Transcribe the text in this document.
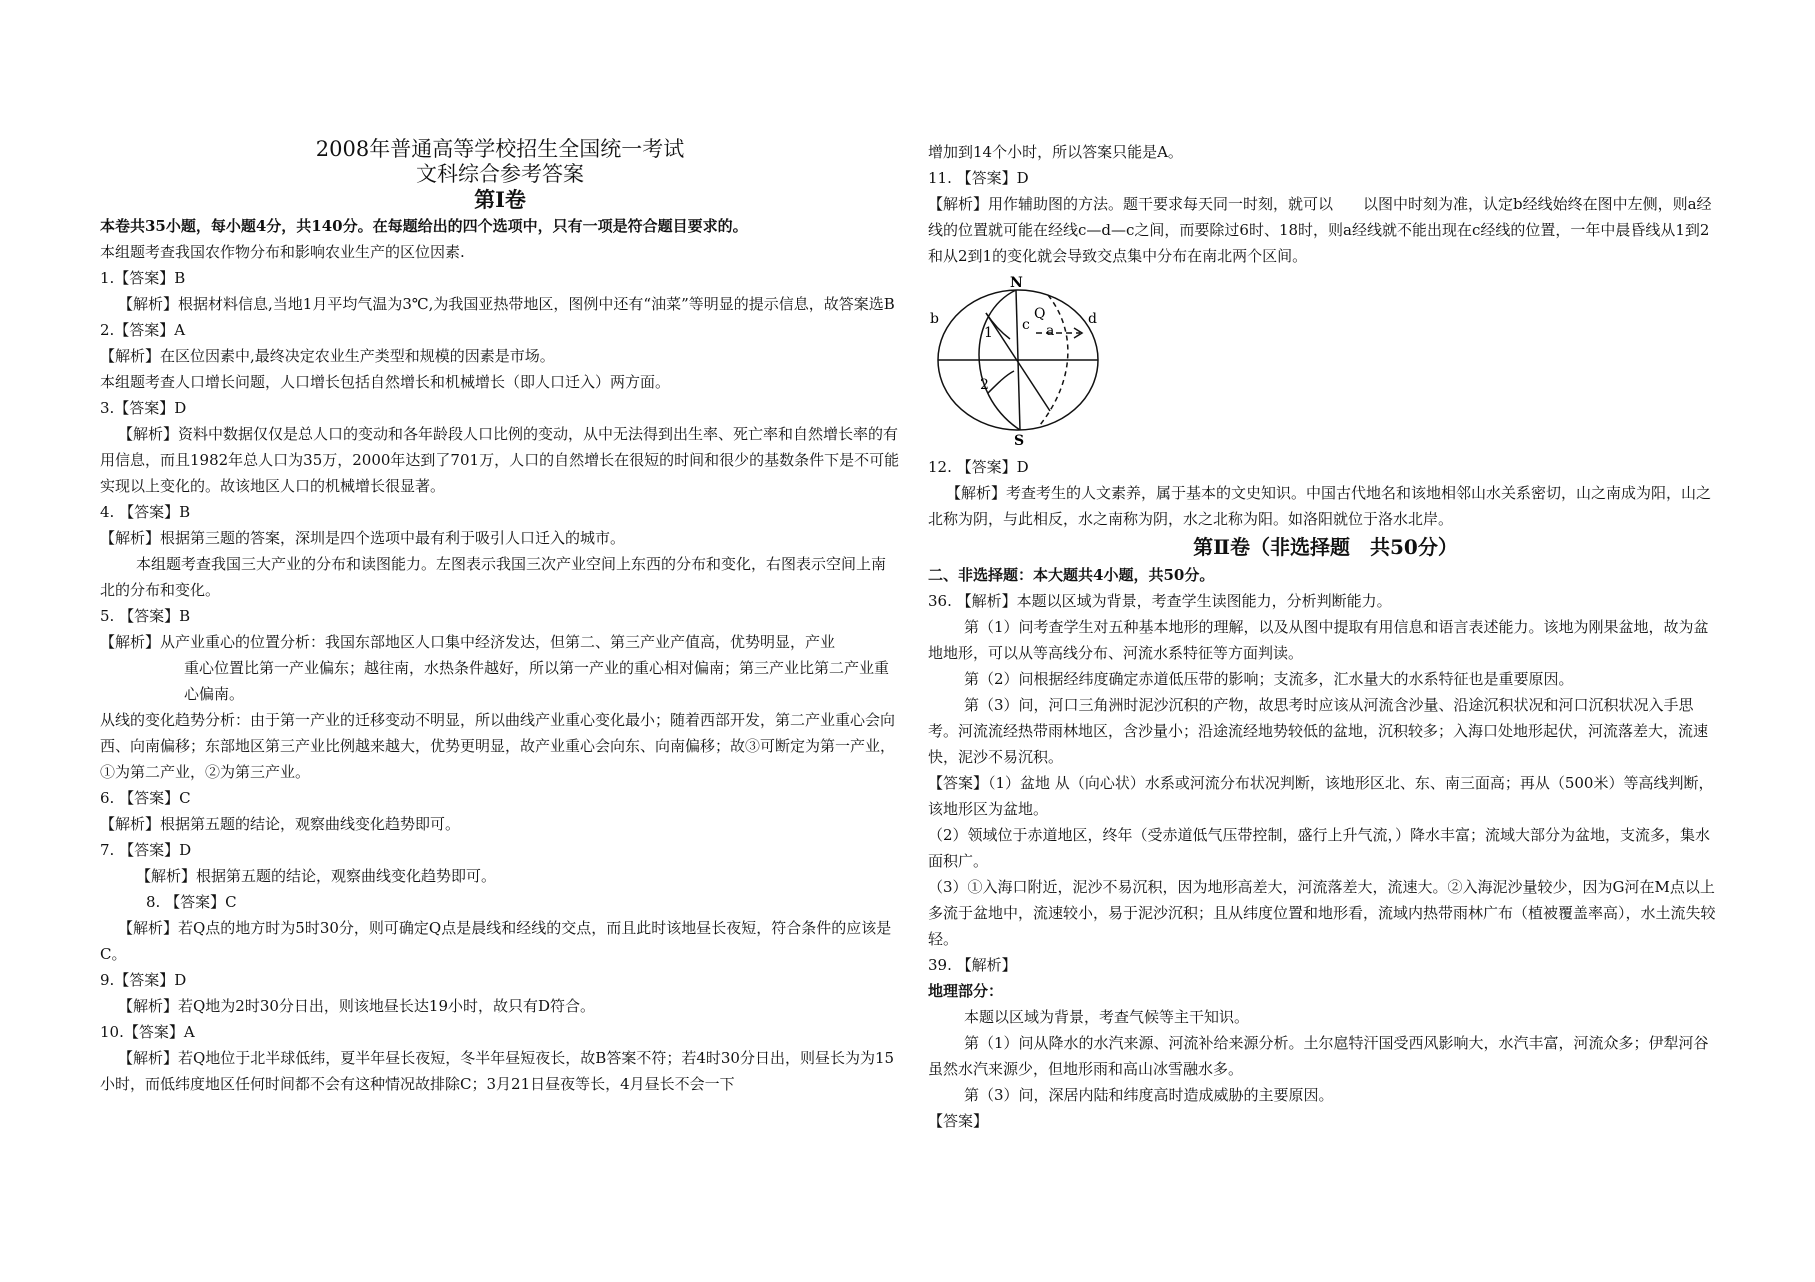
2008年普通高等学校招生全国统一考试

文科综合参考答案

第Ⅰ卷

本卷共35小题，每小题4分，共140分。在每题给出的四个选项中，只有一项是符合题目要求的。

本组题考查我国农作物分布和影响农业生产的区位因素.

1.【答案】B

【解析】根据材料信息,当地1月平均气温为3℃,为我国亚热带地区，图例中还有“油菜”等明显的提示信息，故答案选B

2.【答案】A

【解析】在区位因素中,最终决定农业生产类型和规模的因素是市场。

本组题考查人口增长问题，人口增长包括自然增长和机械增长（即人口迁入）两方面。

3.【答案】D

【解析】资料中数据仅仅是总人口的变动和各年龄段人口比例的变动，从中无法得到出生率、死亡率和自然增长率的有用信息，而且1982年总人口为35万，2000年达到了701万，人口的自然增长在很短的时间和很少的基数条件下是不可能实现以上变化的。故该地区人口的机械增长很显著。

4. 【答案】B

【解析】根据第三题的答案，深圳是四个选项中最有利于吸引人口迁入的城市。

本组题考查我国三大产业的分布和读图能力。左图表示我国三次产业空间上东西的分布和变化，右图表示空间上南北的分布和变化。

5. 【答案】B

【解析】从产业重心的位置分析：我国东部地区人口集中经济发达，但第二、第三产业产值高，优势明显，产业

重心位置比第一产业偏东；越往南，水热条件越好，所以第一产业的重心相对偏南；第三产业比第二产业重心偏南。

从线的变化趋势分析：由于第一产业的迁移变动不明显，所以曲线产业重心变化最小；随着西部开发，第二产业重心会向西、向南偏移；东部地区第三产业比例越来越大，优势更明显，故产业重心会向东、向南偏移；故③可断定为第一产业，①为第二产业，②为第三产业。

6. 【答案】C

【解析】根据第五题的结论，观察曲线变化趋势即可。

7. 【答案】D

【解析】根据第五题的结论，观察曲线变化趋势即可。

8. 【答案】C

【解析】若Q点的地方时为5时30分，则可确定Q点是晨线和经线的交点，而且此时该地昼长夜短，符合条件的应该是C。

9.【答案】D

【解析】若Q地为2时30分日出，则该地昼长达19小时，故只有D符合。

10.【答案】A

【解析】若Q地位于北半球低纬，夏半年昼长夜短，冬半年昼短夜长，故B答案不符；若4时30分日出，则昼长为为15小时，而低纬度地区任何时间都不会有这种情况故排除C；3月21日昼夜等长，4月昼长不会一下

增加到14个小时，所以答案只能是A。

11. 【答案】D

【解析】用作辅助图的方法。题干要求每天同一时刻，就可以　　以图中时刻为准，认定b经线始终在图中左侧，则a经线的位置就可能在经线c—d—c之间，而要除过6时、18时，则a经线就不能出现在c经线的位置，一年中晨昏线从1到2和从2到1的变化就会导致交点集中分布在南北两个区间。

N
S
b	d
c
Q
a
1
2

12. 【答案】D

【解析】考查考生的人文素养，属于基本的文史知识。中国古代地名和该地相邻山水关系密切，山之南成为阳，山之北称为阴，与此相反，水之南称为阴，水之北称为阳。如洛阳就位于洛水北岸。

第Ⅱ卷（非选择题　共50分）

二、非选择题：本大题共4小题，共50分。

36. 【解析】本题以区域为背景，考查学生读图能力，分析判断能力。

第（1）问考查学生对五种基本地形的理解，以及从图中提取有用信息和语言表述能力。该地为刚果盆地，故为盆地地形，可以从等高线分布、河流水系特征等方面判读。

第（2）问根据经纬度确定赤道低压带的影响；支流多，汇水量大的水系特征也是重要原因。

第（3）问，河口三角洲时泥沙沉积的产物，故思考时应该从河流含沙量、沿途沉积状况和河口沉积状况入手思考。河流流经热带雨林地区，含沙量小；沿途流经地势较低的盆地，沉积较多；入海口处地形起伏，河流落差大，流速快，泥沙不易沉积。

【答案】（1）盆地 从（向心状）水系或河流分布状况判断，该地形区北、东、南三面高；再从（500米）等高线判断，该地形区为盆地。

（2）领域位于赤道地区，终年（受赤道低气压带控制，盛行上升气流，）降水丰富；流域大部分为盆地，支流多，集水面积广。

（3）①入海口附近，泥沙不易沉积，因为地形高差大，河流落差大，流速大。②入海泥沙量较少，因为G河在M点以上多流于盆地中，流速较小，易于泥沙沉积；且从纬度位置和地形看，流域内热带雨林广布（植被覆盖率高），水土流失较轻。

39. 【解析】

地理部分：

本题以区域为背景，考查气候等主干知识。

第（1）问从降水的水汽来源、河流补给来源分析。土尔扈特汗国受西风影响大，水汽丰富，河流众多；伊犁河谷虽然水汽来源少，但地形雨和高山冰雪融水多。

第（3）问，深居内陆和纬度高时造成威胁的主要原因。

【答案】
